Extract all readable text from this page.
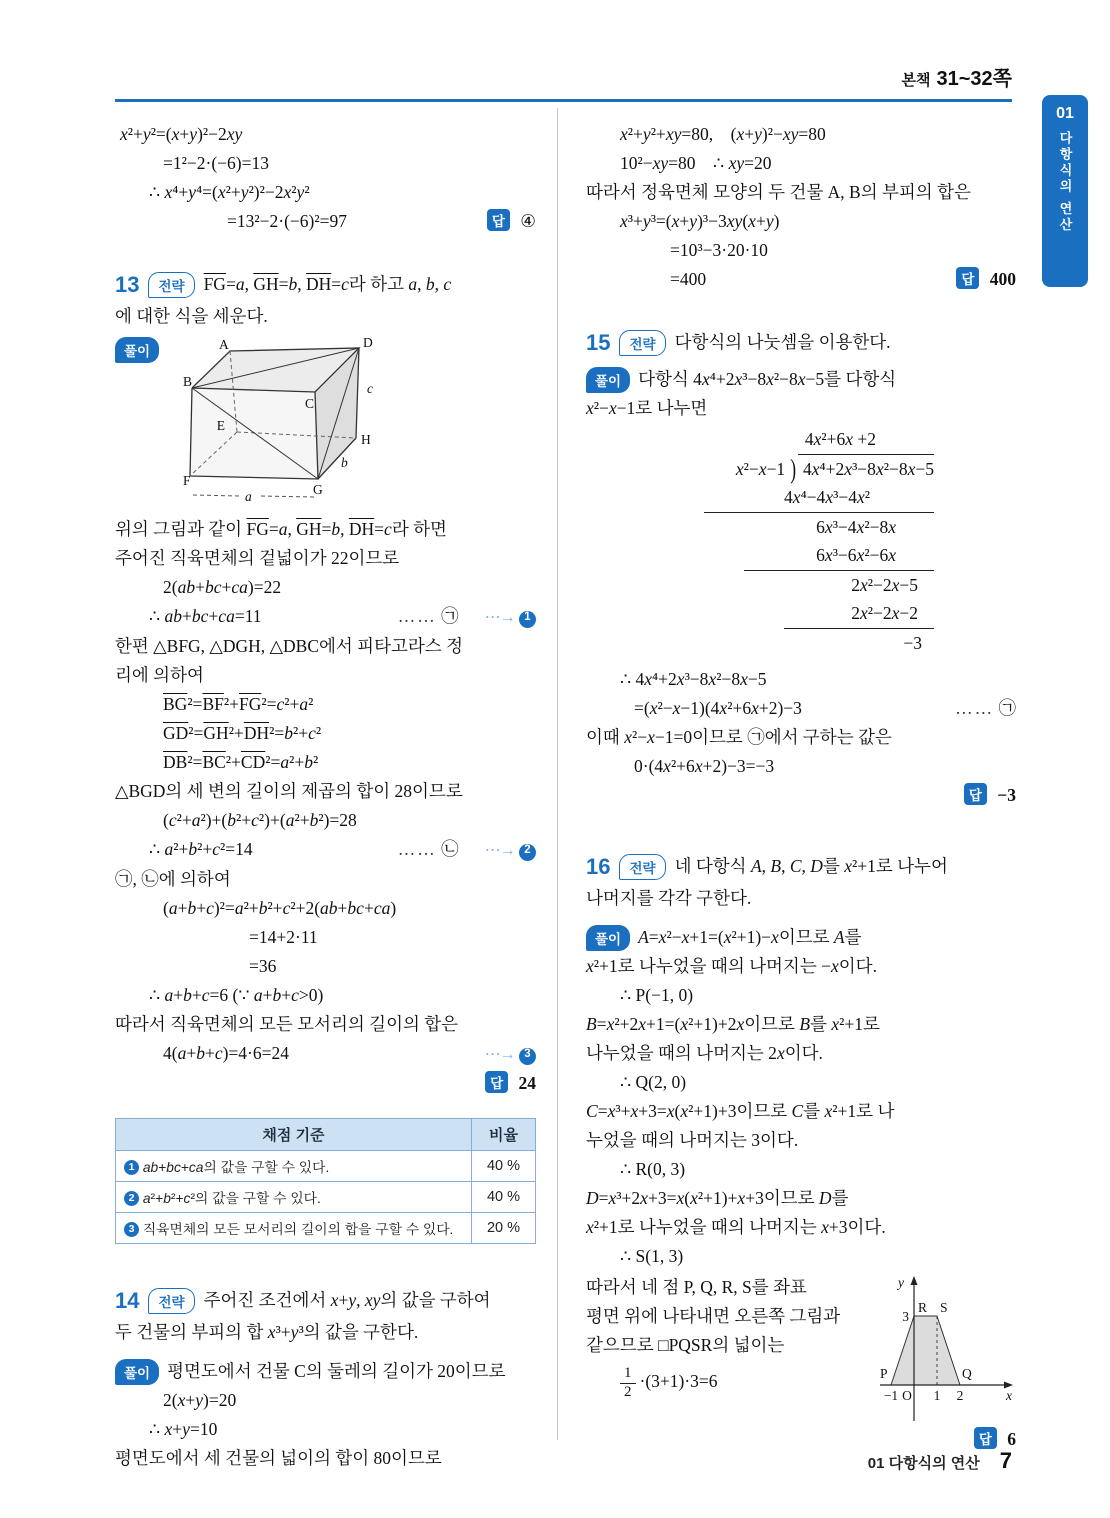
본책 31~32쪽
01
다항식의 연산
x²+y²=(x+y)²−2xy
=1²−2·(−6)=13
∴ x⁴+y⁴=(x²+y²)²−2x²y²
=13²−2·(−6)²=97	답 ④
13	전략	$\overline{FG}=a$, $\overline{GH}=b$, $\overline{DH}=c$라 하고 a, b, c
에 대한 식을 세운다.
풀이	A	D
B
C
E
H
F
G
a
b
c
위의 그림과 같이 $\overline{FG}=a$, $\overline{GH}=b$, $\overline{DH}=c$라 하면
주어진 직육면체의 겉넓이가 22이므로
2(ab+bc+ca)=22
∴ ab+bc+ca=11	…… ㉠ ⋯→ 1
한편 △BFG, △DGH, △DBC에서 피타고라스 정
리에 의하여
$\overline{BG}^2=\overline{BF}^2+\overline{FG}^2=c^2+a^2$
$\overline{GD}^2=\overline{GH}^2+\overline{DH}^2=b^2+c^2$
$\overline{DB}^2=\overline{BC}^2+\overline{CD}^2=a^2+b^2$
△BGD의 세 변의 길이의 제곱의 합이 28이므로
(c²+a²)+(b²+c²)+(a²+b²)=28
∴ a²+b²+c²=14	…… ㉡ ⋯→ 2
㉠, ㉡에 의하여
(a+b+c)²=a²+b²+c²+2(ab+bc+ca)
=14+2·11
=36
∴ a+b+c=6 (∵ a+b+c>0)
따라서 직육면체의 모든 모서리의 길이의 합은
4(a+b+c)=4·6=24	⋯→ 3
답 24
채점 기준	비율
1 ab+bc+ca의 값을 구할 수 있다.	40 %
2 a²+b²+c²의 값을 구할 수 있다.	40 %
3 직육면체의 모든 모서리의 길이의 합을 구할 수 있다.	20 %
14	전략	주어진 조건에서 x+y, xy의 값을 구하여
두 건물의 부피의 합 x³+y³의 값을 구한다.
풀이 평면도에서 건물 C의 둘레의 길이가 20이므로
2(x+y)=20
∴ x+y=10
평면도에서 세 건물의 넓이의 합이 80이므로
x²+y²+xy=80,    (x+y)²−xy=80
10²−xy=80    ∴ xy=20
따라서 정육면체 모양의 두 건물 A, B의 부피의 합은
x³+y³=(x+y)³−3xy(x+y)
=10³−3·20·10
=400	답 400
15	전략	다항식의 나눗셈을 이용한다.
풀이 다항식 4x⁴+2x³−8x²−8x−5를 다항식
x²−x−1로 나누면
4x²+6x +2
x²−x−1 ) 4x⁴+2x³−8x²−8x−5
4x⁴−4x³−4x²
6x³−4x²−8x
6x³−6x²−6x
2x²−2x−5
2x²−2x−2
−3
∴ 4x⁴+2x³−8x²−8x−5
=(x²−x−1)(4x²+6x+2)−3	…… ㉠
이때 x²−x−1=0이므로 ㉠에서 구하는 값은
0·(4x²+6x+2)−3=−3
답 −3
16	전략	네 다항식 A, B, C, D를 x²+1로 나누어
나머지를 각각 구한다.
풀이 A=x²−x+1=(x²+1)−x이므로 A를
x²+1로 나누었을 때의 나머지는 −x이다.
∴ P(−1, 0)
B=x²+2x+1=(x²+1)+2x이므로 B를 x²+1로
나누었을 때의 나머지는 2x이다.
∴ Q(2, 0)
C=x³+x+3=x(x²+1)+3이므로 C를 x²+1로 나
누었을 때의 나머지는 3이다.
∴ R(0, 3)
D=x³+2x+3=x(x²+1)+x+3이므로 D를
x²+1로 나누었을 때의 나머지는 x+3이다.
∴ S(1, 3)
따라서 네 점 P, Q, R, S를 좌표
평면 위에 나타내면 오른쪽 그림과
같으므로 □PQSR의 넓이는
$\frac{1}{2} \cdot(3+1)\cdot 3=6$
y
x
3
R S
P	Q
−1 O 1 2
답 6
01 다항식의 연산 7
